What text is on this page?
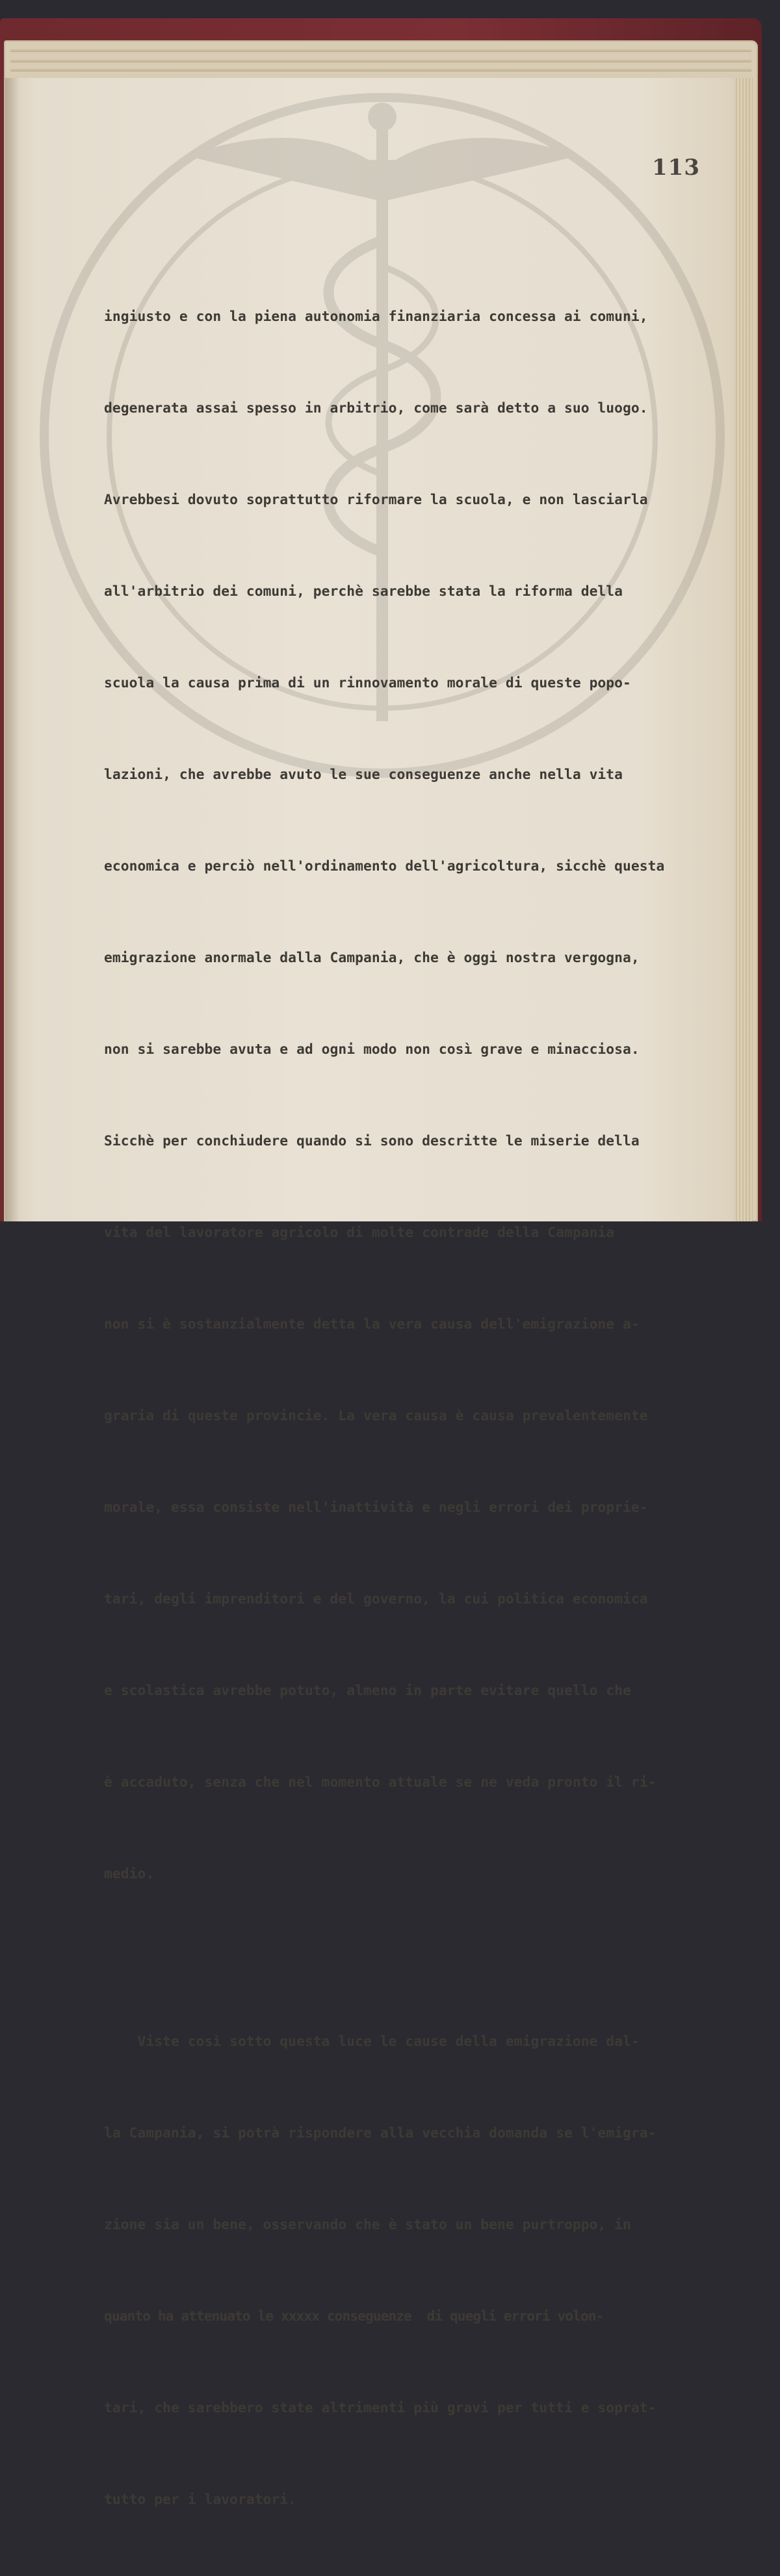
113

ingiusto e con la piena autonomia finanziaria concessa ai comuni,

degenerata assai spesso in arbitrio, come sarà detto a suo luogo.

Avrebbesi dovuto soprattutto riformare la scuola, e non lasciarla

all'arbitrio dei comuni, perchè sarebbe stata la riforma della

scuola la causa prima di un rinnovamento morale di queste popo-

lazioni, che avrebbe avuto le sue conseguenze anche nella vita

economica e perciò nell'ordinamento dell'agricoltura, sicchè questa

emigrazione anormale dalla Campania, che è oggi nostra vergogna,

non si sarebbe avuta e ad ogni modo non così grave e minacciosa.

Sicchè per conchiudere quando si sono descritte le miserie della

vita del lavoratore agricolo di molte contrade della Campania

non si è sostanzialmente detta la vera causa dell'emigrazione a-

graria di queste provincie. La vera causa è causa prevalentemente

morale, essa consiste nell'inattività e negli errori dei proprie-

tari, degli imprenditori e del governo, la cui politica economica

e scolastica avrebbe potuto, almeno in parte evitare quello che

è accaduto, senza che nel momento attuale se ne veda pronto il ri-

medio.

Viste così sotto questa luce le cause della emigrazione dal-

la Campania, si potrà rispondere alla vecchia domanda se l'emigra-

zione sia un bene, osservando che è stato un bene purtroppo, in

quanto ha attenuato le xxxxx conseguenze  di quegli errori volon-

tari, che sarebbero state altrimenti più gravi per tutti e soprat-

tutto per i lavoratori.
